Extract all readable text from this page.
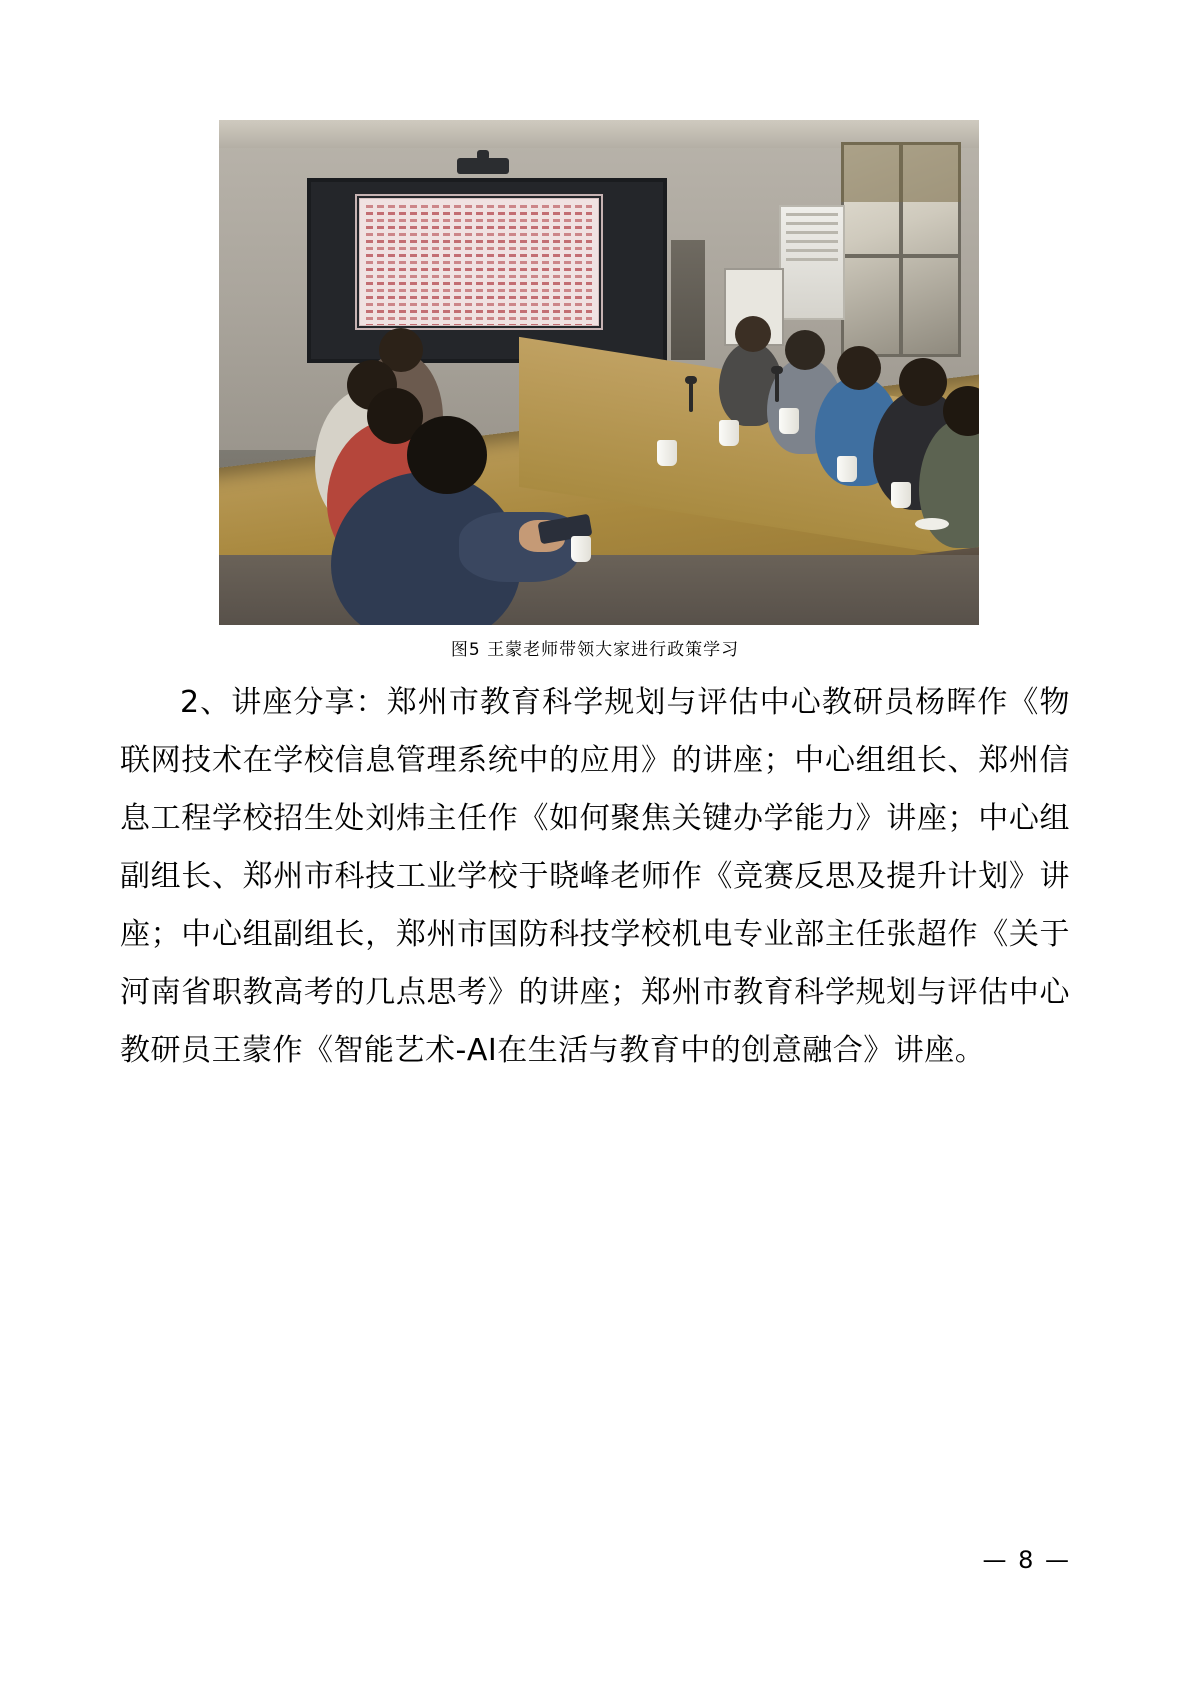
图5 王蒙老师带领大家进行政策学习
2、讲座分享：郑州市教育科学规划与评估中心教研员杨晖作《物联网技术在学校信息管理系统中的应用》的讲座；中心组组长、郑州信息工程学校招生处刘炜主任作《如何聚焦关键办学能力》讲座；中心组副组长、郑州市科技工业学校于晓峰老师作《竞赛反思及提升计划》讲座；中心组副组长，郑州市国防科技学校机电专业部主任张超作《关于河南省职教高考的几点思考》的讲座；郑州市教育科学规划与评估中心教研员王蒙作《智能艺术-AI在生活与教育中的创意融合》讲座。
— 8 —
